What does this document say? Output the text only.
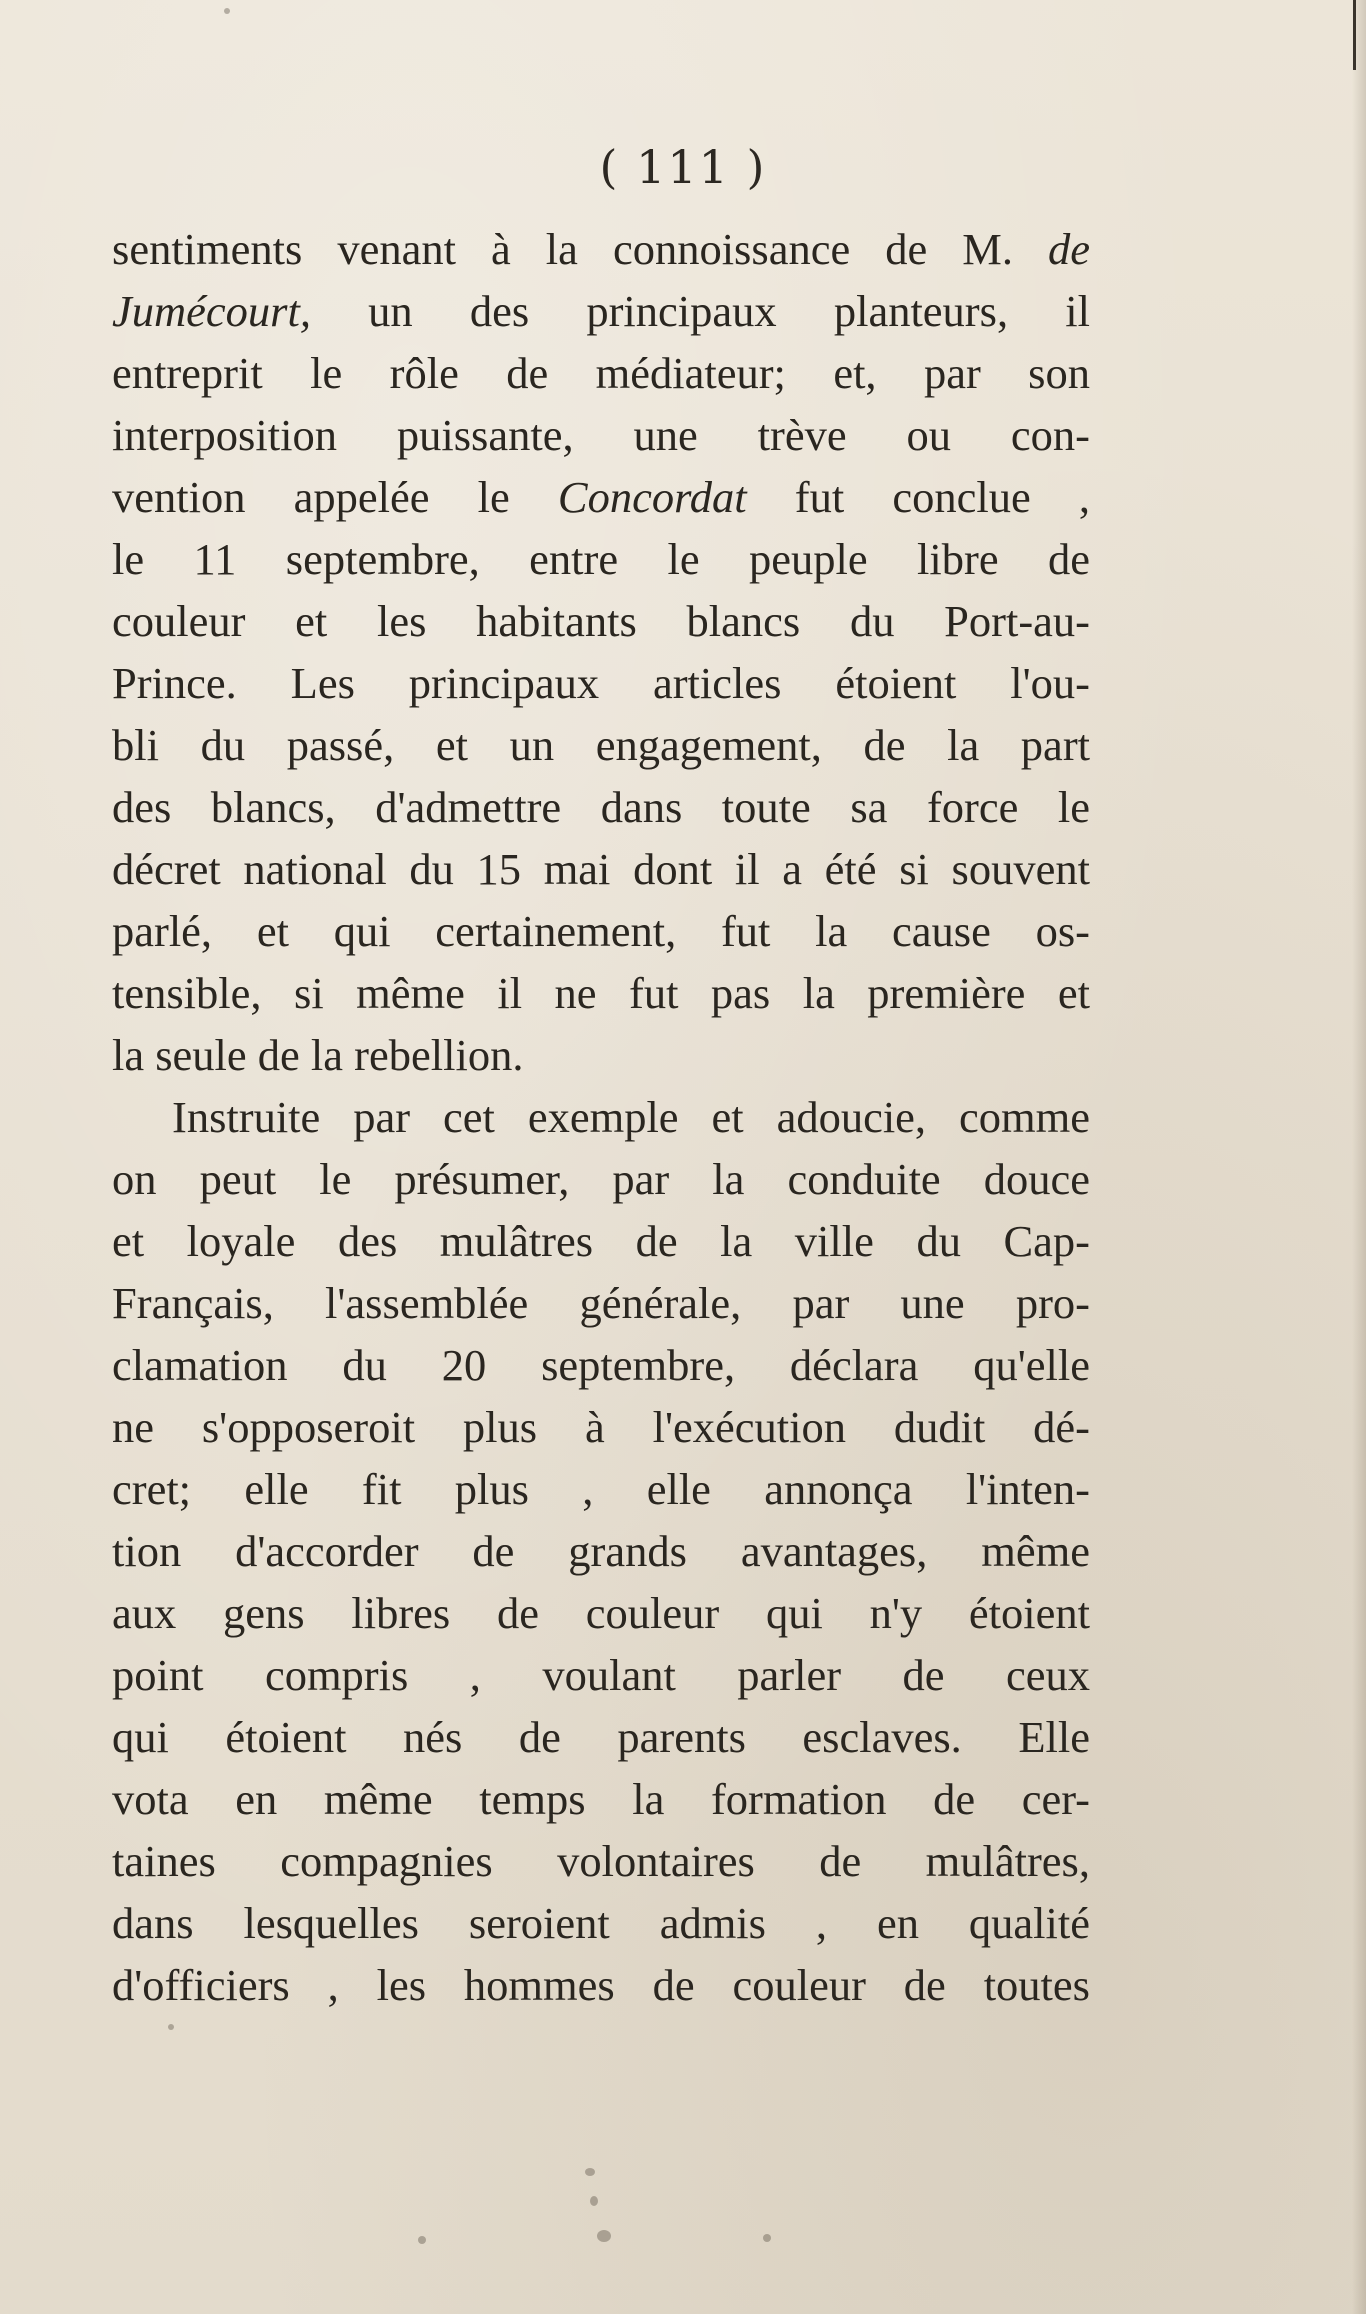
( 111 )
sentiments venant à la connoissance de M. de
Jumécourt, un des principaux planteurs, il
entreprit le rôle de médiateur; et, par son
interposition puissante, une trève ou con-
vention appelée le Concordat fut conclue ,
le 11 septembre, entre le peuple libre de
couleur et les habitants blancs du Port-au-
Prince. Les principaux articles étoient l'ou-
bli du passé, et un engagement, de la part
des blancs, d'admettre dans toute sa force le
décret national du 15 mai dont il a été si souvent
parlé, et qui certainement, fut la cause os-
tensible, si même il ne fut pas la première et
la seule de la rebellion.
Instruite par cet exemple et adoucie, comme
on peut le présumer, par la conduite douce
et loyale des mulâtres de la ville du Cap-
Français, l'assemblée générale, par une pro-
clamation du 20 septembre, déclara qu'elle
ne s'opposeroit plus à l'exécution dudit dé-
cret; elle fit plus , elle annonça l'inten-
tion d'accorder de grands avantages, même
aux gens libres de couleur qui n'y étoient
point compris , voulant parler de ceux
qui étoient nés de parents esclaves. Elle
vota en même temps la formation de cer-
taines compagnies volontaires de mulâtres,
dans lesquelles seroient admis , en qualité
d'officiers , les hommes de couleur de toutes
